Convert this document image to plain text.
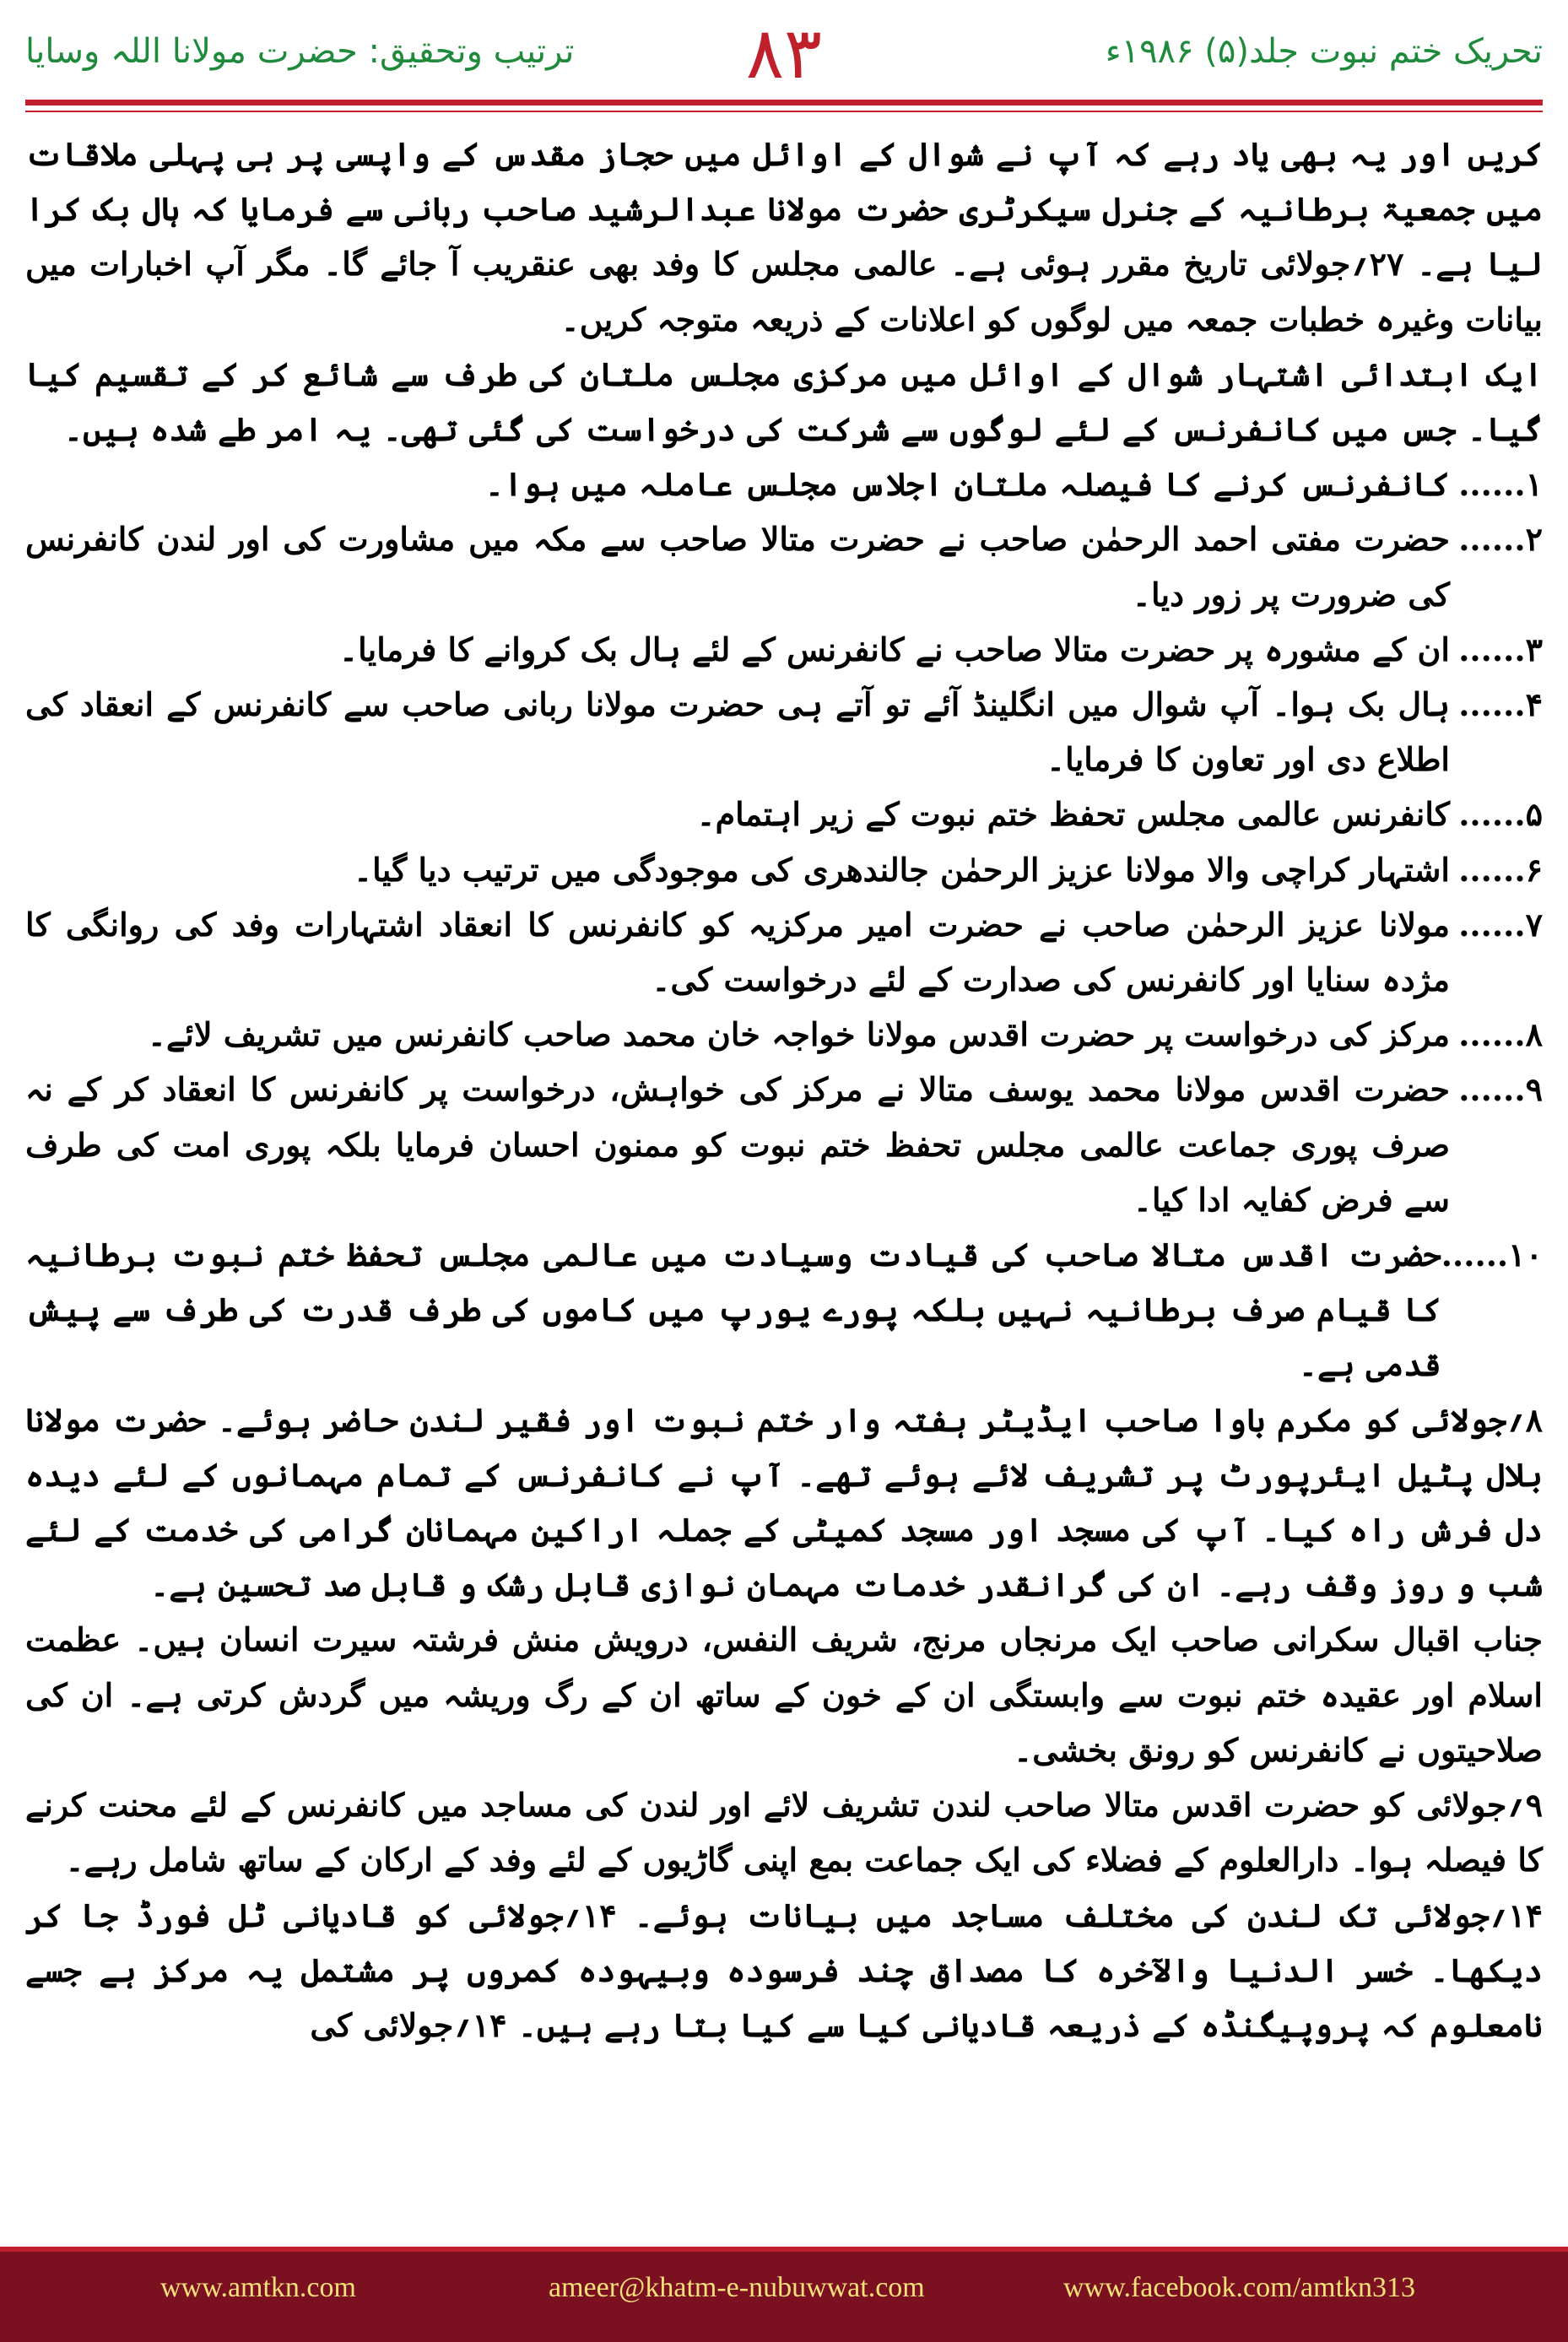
ترتیب وتحقیق: حضرت مولانا اللہ وسایا	۸۳	تحریک ختم نبوت جلد(۵) ۱۹۸۶ء

کریں اور یہ بھی یاد رہے کہ آپ نے شوال کے اوائل میں حجاز مقدس کے واپسی پر ہی پہلی ملاقات میں جمعیۃ برطانیہ کے جنرل سیکرٹری حضرت مولانا عبدالرشید صاحب ربانی سے فرمایا کہ ہال بک کرا لیا ہے۔ ۲۷؍جولائی تاریخ مقرر ہوئی ہے۔ عالمی مجلس کا وفد بھی عنقریب آ جائے گا۔ مگر آپ اخبارات میں بیانات وغیرہ خطبات جمعہ میں لوگوں کو اعلانات کے ذریعہ متوجہ کریں۔

ایک ابتدائی اشتہار شوال کے اوائل میں مرکزی مجلس ملتان کی طرف سے شائع کر کے تقسیم کیا گیا۔ جس میں کانفرنس کے لئے لوگوں سے شرکت کی درخواست کی گئی تھی۔ یہ امر طے شدہ ہیں۔

۱......
کانفرنس کرنے کا فیصلہ ملتان اجلاس مجلس عاملہ میں ہوا۔
۲......
حضرت مفتی احمد الرحمٰن صاحب نے حضرت متالا صاحب سے مکہ میں مشاورت کی اور لندن کانفرنس کی ضرورت پر زور دیا۔
۳......
ان کے مشورہ پر حضرت متالا صاحب نے کانفرنس کے لئے ہال بک کروانے کا فرمایا۔
۴......
ہال بک ہوا۔ آپ شوال میں انگلینڈ آئے تو آتے ہی حضرت مولانا ربانی صاحب سے کانفرنس کے انعقاد کی اطلاع دی اور تعاون کا فرمایا۔
۵......
کانفرنس عالمی مجلس تحفظ ختم نبوت کے زیر اہتمام۔
۶......
اشتہار کراچی والا مولانا عزیز الرحمٰن جالندھری کی موجودگی میں ترتیب دیا گیا۔
۷......
مولانا عزیز الرحمٰن صاحب نے حضرت امیر مرکزیہ کو کانفرنس کا انعقاد اشتہارات وفد کی روانگی کا مژدہ سنایا اور کانفرنس کی صدارت کے لئے درخواست کی۔
۸......
مرکز کی درخواست پر حضرت اقدس مولانا خواجہ خان محمد صاحب کانفرنس میں تشریف لائے۔
۹......
حضرت اقدس مولانا محمد یوسف متالا نے مرکز کی خواہش، درخواست پر کانفرنس کا انعقاد کر کے نہ صرف پوری جماعت عالمی مجلس تحفظ ختم نبوت کو ممنون احسان فرمایا بلکہ پوری امت کی طرف سے فرض کفایہ ادا کیا۔
۱۰......
حضرت اقدس متالا صاحب کی قیادت وسیادت میں عالمی مجلس تحفظ ختم نبوت برطانیہ کا قیام صرف برطانیہ نہیں بلکہ پورے یورپ میں کاموں کی طرف قدرت کی طرف سے پیش قدمی ہے۔

۸؍جولائی کو مکرم باوا صاحب ایڈیٹر ہفتہ وار ختم نبوت اور فقیر لندن حاضر ہوئے۔ حضرت مولانا بلال پٹیل ایئرپورٹ پر تشریف لائے ہوئے تھے۔ آپ نے کانفرنس کے تمام مہمانوں کے لئے دیدہ دل فرش راہ کیا۔ آپ کی مسجد اور مسجد کمیٹی کے جملہ اراکین مہمانان گرامی کی خدمت کے لئے شب و روز وقف رہے۔ ان کی گرانقدر خدمات مہمان نوازی قابل رشک و قابل صد تحسین ہے۔

جناب اقبال سکرانی صاحب ایک مرنجاں مرنج، شریف النفس، درویش منش فرشتہ سیرت انسان ہیں۔ عظمت اسلام اور عقیدہ ختم نبوت سے وابستگی ان کے خون کے ساتھ ان کے رگ وریشہ میں گردش کرتی ہے۔ ان کی صلاحیتوں نے کانفرنس کو رونق بخشی۔

۹؍جولائی کو حضرت اقدس متالا صاحب لندن تشریف لائے اور لندن کی مساجد میں کانفرنس کے لئے محنت کرنے کا فیصلہ ہوا۔ دارالعلوم کے فضلاء کی ایک جماعت بمع اپنی گاڑیوں کے لئے وفد کے ارکان کے ساتھ شامل رہے۔

۱۴؍جولائی تک لندن کی مختلف مساجد میں بیانات ہوئے۔ ۱۴؍جولائی کو قادیانی ٹل فورڈ جا کر دیکھا۔ خسر الدنیا والآخرہ کا مصداق چند فرسودہ وبیہودہ کمروں پر مشتمل یہ مرکز ہے جسے نامعلوم کہ پروپیگنڈہ کے ذریعہ قادیانی کیا سے کیا بتا رہے ہیں۔ ۱۴؍جولائی کی

www.amtkn.com	ameer@khatm-e-nubuwwat.com	www.facebook.com/amtkn313
